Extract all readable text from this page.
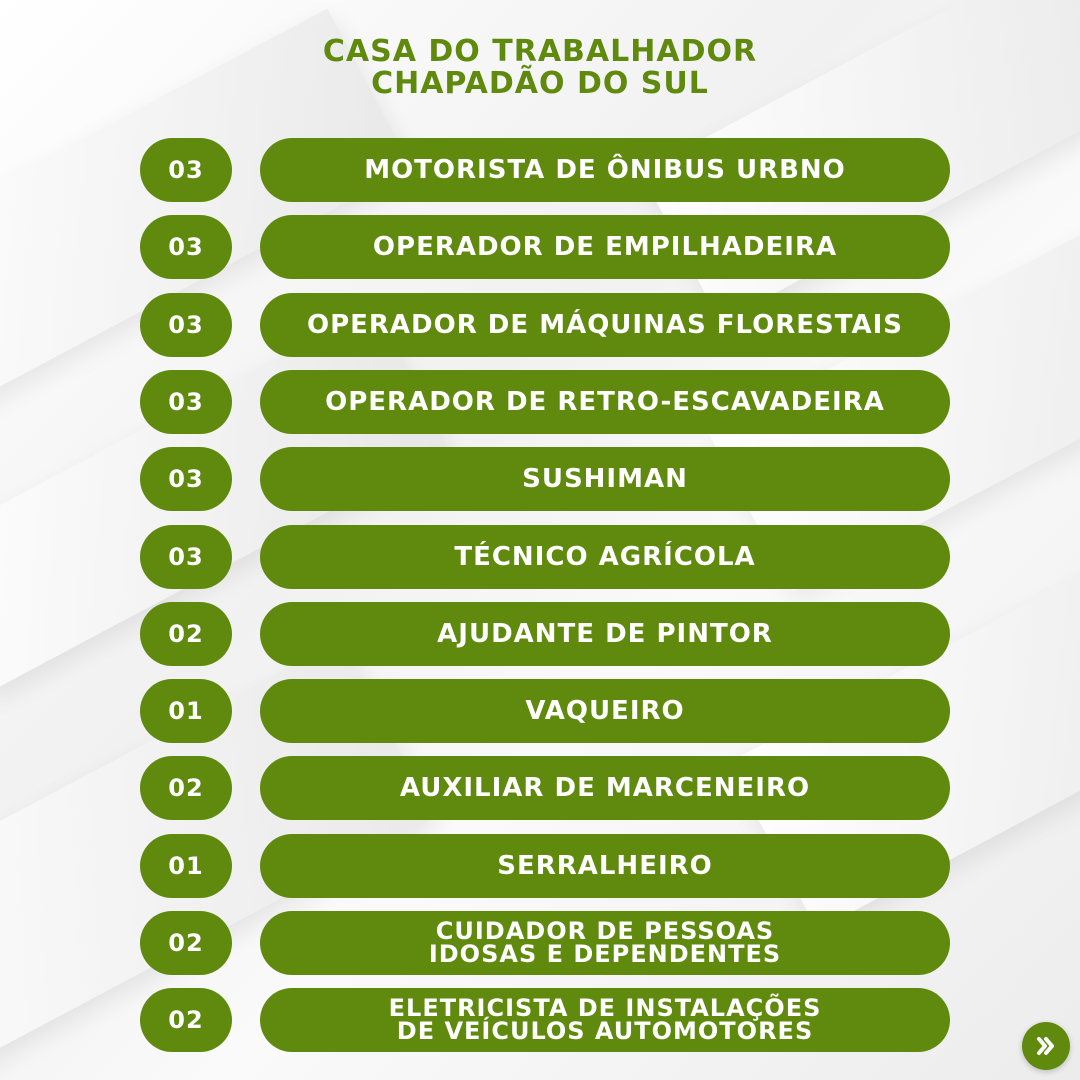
CASA DO TRABALHADOR
CHAPADÃO DO SUL
03	MOTORISTA DE ÔNIBUS URBNO
03	OPERADOR DE EMPILHADEIRA
03	OPERADOR DE MÁQUINAS FLORESTAIS
03	OPERADOR DE RETRO-ESCAVADEIRA
03	SUSHIMAN
03	TÉCNICO AGRÍCOLA
02	AJUDANTE DE PINTOR
01	VAQUEIRO
02	AUXILIAR DE MARCENEIRO
01	SERRALHEIRO
02	CUIDADOR DE PESSOAS
IDOSAS E DEPENDENTES
02	ELETRICISTA DE INSTALAÇÕES
DE VEÍCULOS AUTOMOTORES
